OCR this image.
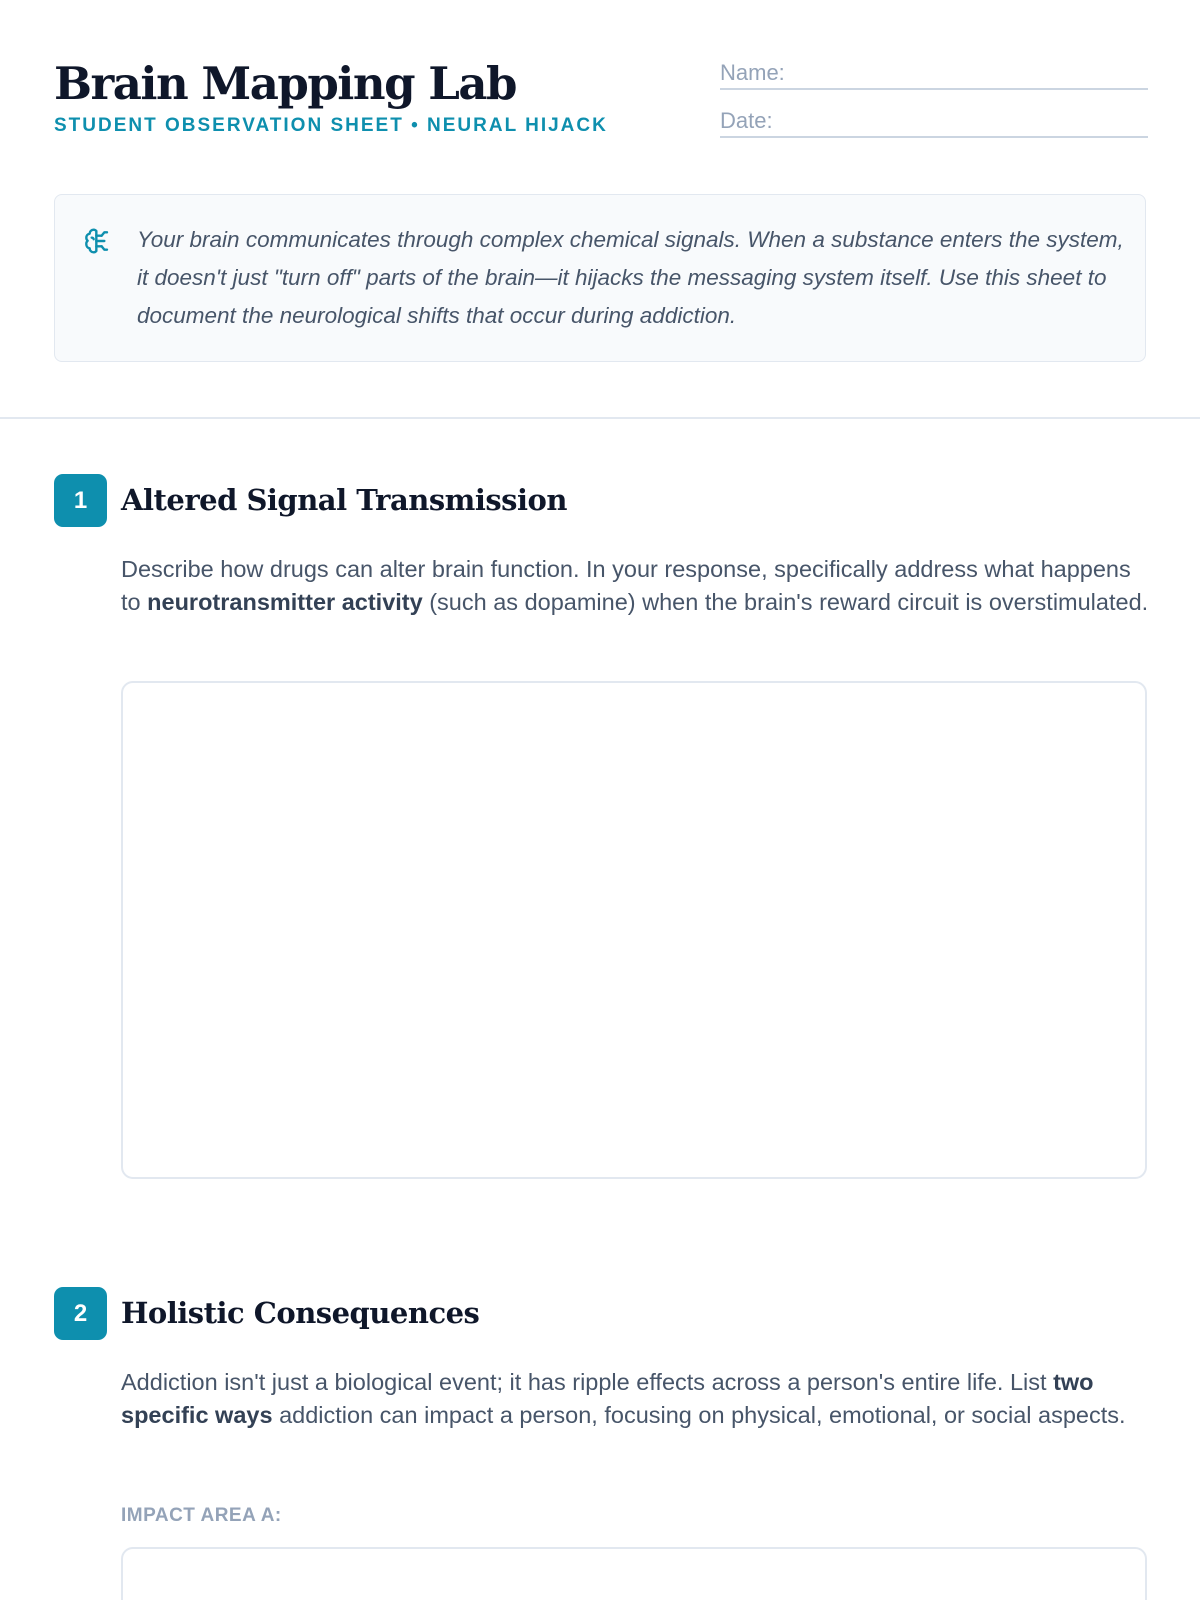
Brain Mapping Lab
STUDENT OBSERVATION SHEET • NEURAL HIJACK
Name:
Date:

Your brain communicates through complex chemical signals. When a substance enters the system, it doesn't just "turn off" parts of the brain—it hijacks the messaging system itself. Use this sheet to document the neurological shifts that occur during addiction.

1	Altered Signal Transmission

Describe how drugs can alter brain function. In your response, specifically address what happens to neurotransmitter activity (such as dopamine) when the brain's reward circuit is overstimulated.

2	Holistic Consequences

Addiction isn't just a biological event; it has ripple effects across a person's entire life. List two specific ways addiction can impact a person, focusing on physical, emotional, or social aspects.

IMPACT AREA A:
